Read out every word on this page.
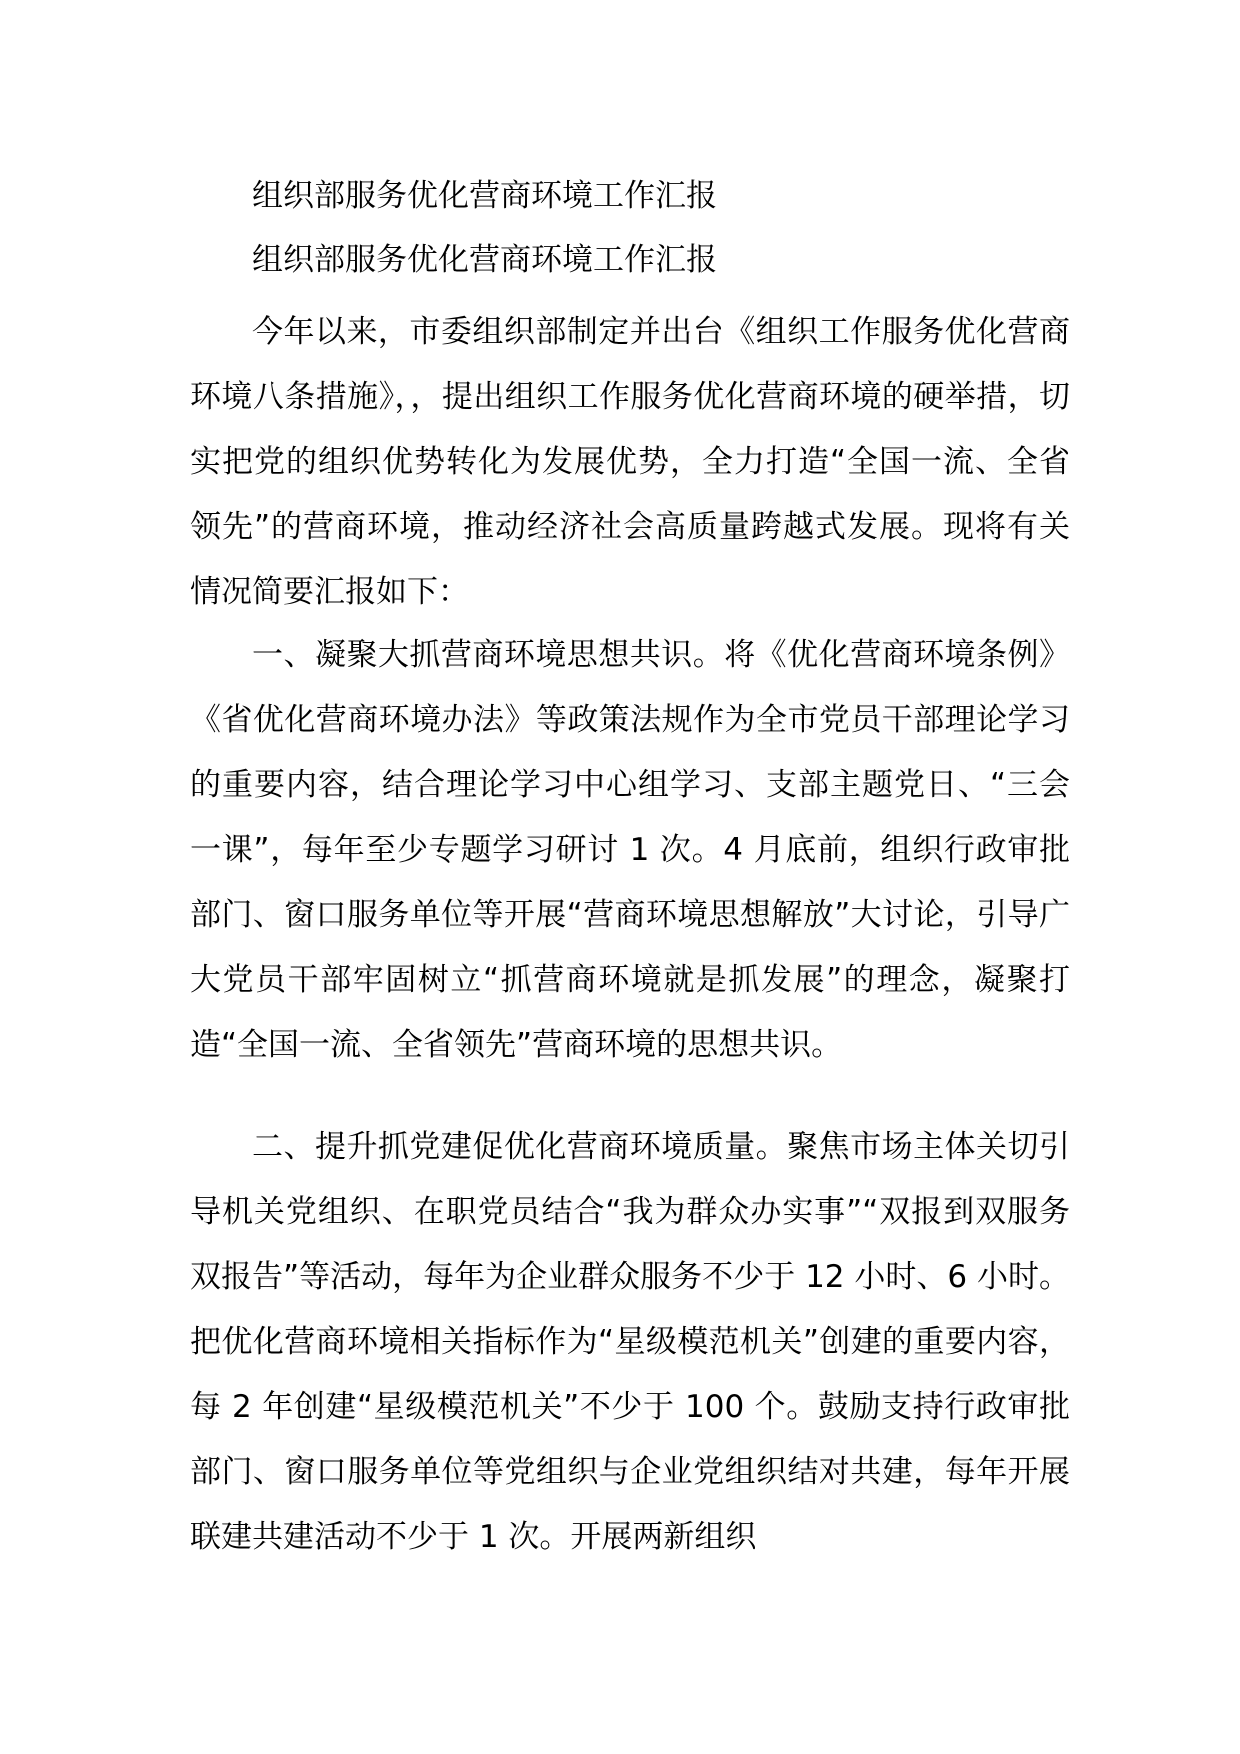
组织部服务优化营商环境工作汇报
组织部服务优化营商环境工作汇报

今年以来，市委组织部制定并出台《组织工作服务优化营商环境八条措施》，，提出组织工作服务优化营商环境的硬举措，切实把党的组织优势转化为发展优势，全力打造“全国一流、全省领先”的营商环境，推动经济社会高质量跨越式发展。现将有关情况简要汇报如下：

一、凝聚大抓营商环境思想共识。将《优化营商环境条例》《省优化营商环境办法》等政策法规作为全市党员干部理论学习的重要内容，结合理论学习中心组学习、支部主题党日、“三会一课”，每年至少专题学习研讨 1 次。4 月底前，组织行政审批部门、窗口服务单位等开展“营商环境思想解放”大讨论，引导广大党员干部牢固树立“抓营商环境就是抓发展”的理念，凝聚打造“全国一流、全省领先”营商环境的思想共识。

二、提升抓党建促优化营商环境质量。聚焦市场主体关切引导机关党组织、在职党员结合“我为群众办实事”“双报到双服务双报告”等活动，每年为企业群众服务不少于 12 小时、6 小时。把优化营商环境相关指标作为“星级模范机关”创建的重要内容，每 2 年创建“星级模范机关”不少于 100 个。鼓励支持行政审批部门、窗口服务单位等党组织与企业党组织结对共建，每年开展联建共建活动不少于 1 次。开展两新组织
